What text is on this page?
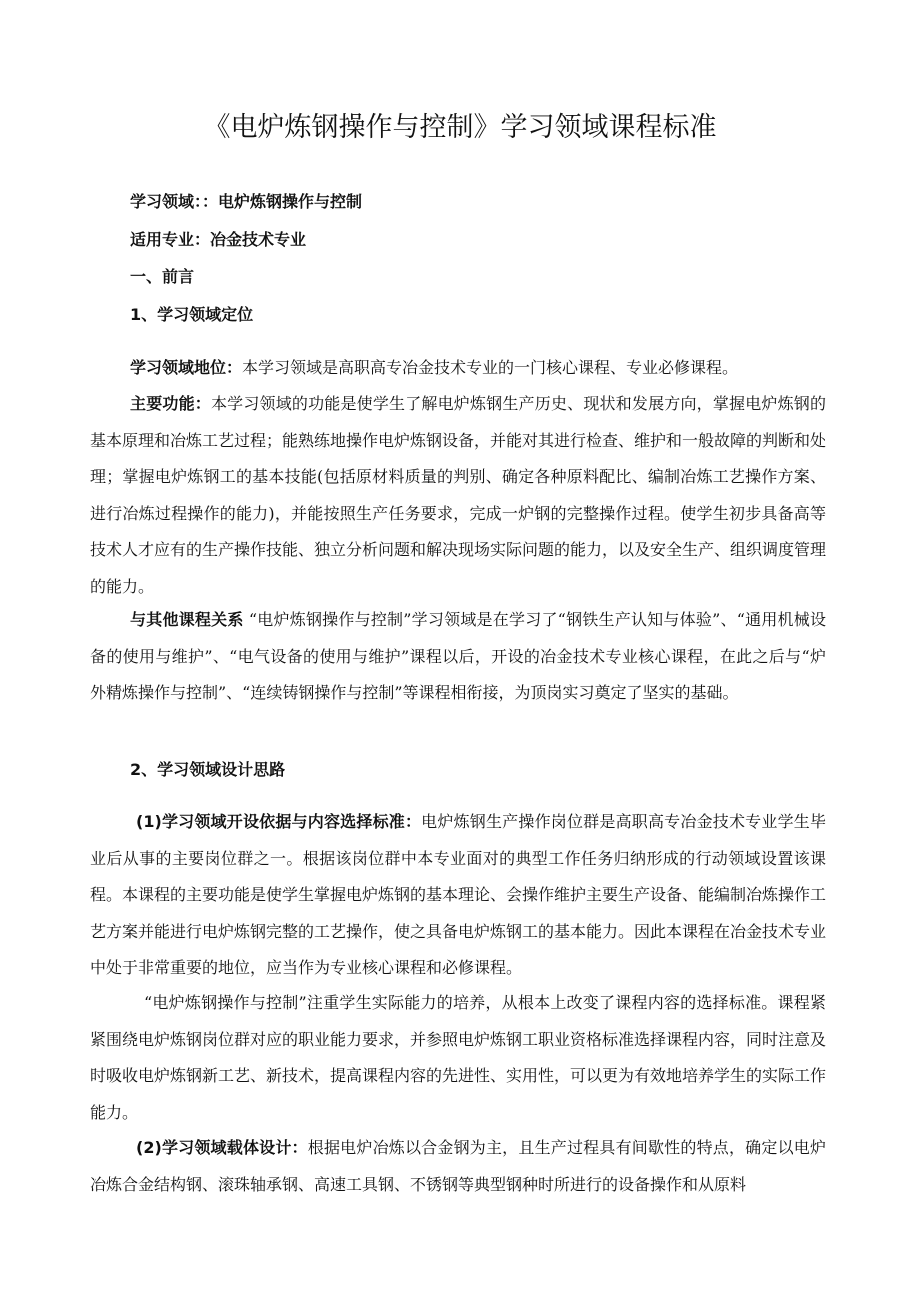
《电炉炼钢操作与控制》学习领域课程标准
学习领域：：电炉炼钢操作与控制
适用专业：冶金技术专业
一、前言
1、学习领域定位

学习领域地位：本学习领域是高职高专冶金技术专业的一门核心课程、专业必修课程。

主要功能：本学习领域的功能是使学生了解电炉炼钢生产历史、现状和发展方向，掌握电炉炼钢的基本原理和冶炼工艺过程；能熟练地操作电炉炼钢设备，并能对其进行检查、维护和一般故障的判断和处理；掌握电炉炼钢工的基本技能(包括原材料质量的判别、确定各种原料配比、编制冶炼工艺操作方案、进行冶炼过程操作的能力)，并能按照生产任务要求，完成一炉钢的完整操作过程。使学生初步具备高等技术人才应有的生产操作技能、独立分析问题和解决现场实际问题的能力，以及安全生产、组织调度管理的能力。

与其他课程关系 “电炉炼钢操作与控制”学习领域是在学习了“钢铁生产认知与体验”、“通用机械设备的使用与维护”、“电气设备的使用与维护”课程以后，开设的冶金技术专业核心课程，在此之后与“炉外精炼操作与控制”、“连续铸钢操作与控制”等课程相衔接，为顶岗实习奠定了坚实的基础。

2、学习领域设计思路

(1)学习领域开设依据与内容选择标准：电炉炼钢生产操作岗位群是高职高专冶金技术专业学生毕业后从事的主要岗位群之一。根据该岗位群中本专业面对的典型工作任务归纳形成的行动领域设置该课程。本课程的主要功能是使学生掌握电炉炼钢的基本理论、会操作维护主要生产设备、能编制冶炼操作工艺方案并能进行电炉炼钢完整的工艺操作，使之具备电炉炼钢工的基本能力。因此本课程在冶金技术专业中处于非常重要的地位，应当作为专业核心课程和必修课程。

“电炉炼钢操作与控制”注重学生实际能力的培养，从根本上改变了课程内容的选择标准。课程紧紧围绕电炉炼钢岗位群对应的职业能力要求，并参照电炉炼钢工职业资格标准选择课程内容，同时注意及时吸收电炉炼钢新工艺、新技术，提高课程内容的先进性、实用性，可以更为有效地培养学生的实际工作能力。

(2)学习领域载体设计：根据电炉冶炼以合金钢为主，且生产过程具有间歇性的特点，确定以电炉冶炼合金结构钢、滚珠轴承钢、高速工具钢、不锈钢等典型钢种时所进行的设备操作和从原料
